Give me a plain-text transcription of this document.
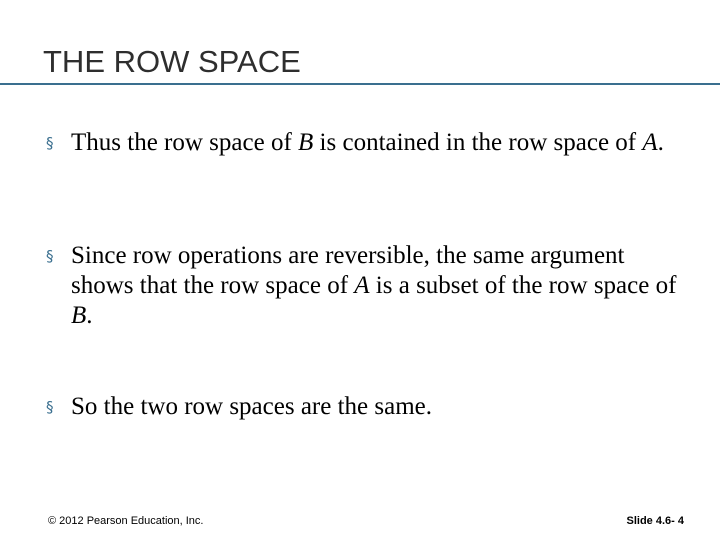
THE ROW SPACE
§ Thus the row space of B is contained in the row space of A.
§ Since row operations are reversible, the same argument shows that the row space of A is a subset of the row space of B.
§ So the two row spaces are the same.
© 2012 Pearson Education, Inc.	Slide 4.6- 4
